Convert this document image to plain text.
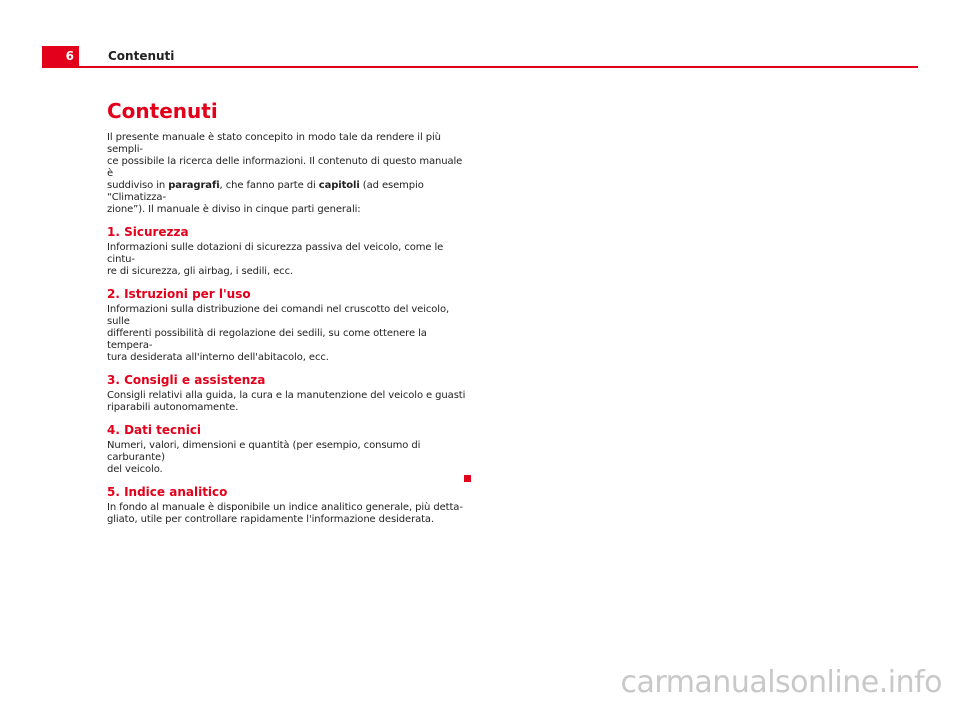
6	Contenuti
Contenuti

Il presente manuale è stato concepito in modo tale da rendere il più sempli-
ce possibile la ricerca delle informazioni. Il contenuto di questo manuale è
suddiviso in paragrafi, che fanno parte di capitoli (ad esempio “Climatizza-
zione”). Il manuale è diviso in cinque parti generali:

1. Sicurezza

Informazioni sulle dotazioni di sicurezza passiva del veicolo, come le cintu-
re di sicurezza, gli airbag, i sedili, ecc.

2. Istruzioni per l'uso

Informazioni sulla distribuzione dei comandi nel cruscotto del veicolo, sulle
differenti possibilità di regolazione dei sedili, su come ottenere la tempera-
tura desiderata all'interno dell'abitacolo, ecc.

3. Consigli e assistenza

Consigli relativi alla guida, la cura e la manutenzione del veicolo e guasti
riparabili autonomamente.

4. Dati tecnici

Numeri, valori, dimensioni e quantità (per esempio, consumo di carburante)
del veicolo.

5. Indice analitico

In fondo al manuale è disponibile un indice analitico generale, più detta-
gliato, utile per controllare rapidamente l'informazione desiderata.

carmanualsonline.info
